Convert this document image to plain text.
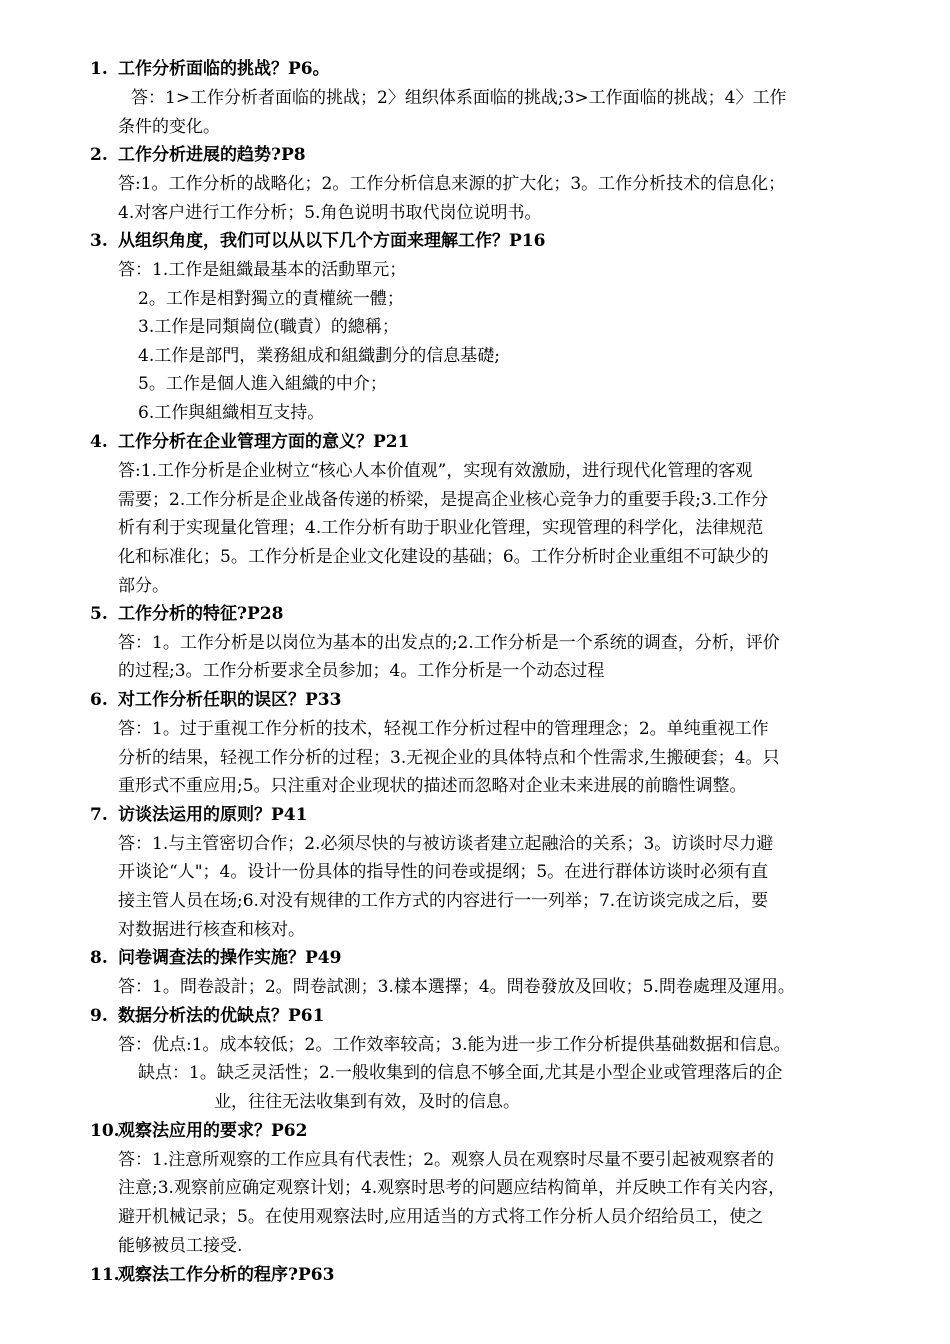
1. 工作分析面临的挑战？P6。
答：1>工作分析者面临的挑战；2〉组织体系面临的挑战;3>工作面临的挑战；4〉工作
条件的变化。
2. 工作分析进展的趋势?P8
答:1。工作分析的战略化；2。工作分析信息来源的扩大化；3。工作分析技术的信息化；
4.对客户进行工作分析；5.角色说明书取代岗位说明书。
3. 从组织角度，我们可以从以下几个方面来理解工作？P16
答：1.工作是組織最基本的活動單元；
2。工作是相對獨立的責權統一體；
3.工作是同類崗位(職責）的總稱；
4.工作是部門，業務組成和組織劃分的信息基礎;
5。工作是個人進入組織的中介；
6.工作與組織相互支持。
4. 工作分析在企业管理方面的意义？P21
答:1.工作分析是企业树立“核心人本价值观”，实现有效激励，进行现代化管理的客观
需要；2.工作分析是企业战备传递的桥梁，是提高企业核心竞争力的重要手段;3.工作分
析有利于实现量化管理；4.工作分析有助于职业化管理，实现管理的科学化，法律规范
化和标准化；5。工作分析是企业文化建设的基础；6。工作分析时企业重组不可缺少的
部分。
5. 工作分析的特征?P28
答：1。工作分析是以岗位为基本的出发点的;2.工作分析是一个系统的调查，分析，评价
的过程;3。工作分析要求全员参加；4。工作分析是一个动态过程
6. 对工作分析任职的误区？P33
答：1。过于重视工作分析的技术，轻视工作分析过程中的管理理念；2。单纯重视工作
分析的结果，轻视工作分析的过程；3.无视企业的具体特点和个性需求,生搬硬套；4。只
重形式不重应用;5。只注重对企业现状的描述而忽略对企业未来进展的前瞻性调整。
7. 访谈法运用的原则？P41
答：1.与主管密切合作；2.必须尽快的与被访谈者建立起融洽的关系；3。访谈时尽力避
开谈论“人"；4。设计一份具体的指导性的问卷或提纲；5。在进行群体访谈时必须有直
接主管人员在场;6.对没有规律的工作方式的内容进行一一列举；7.在访谈完成之后，要
对数据进行核查和核对。
8. 问卷调查法的操作实施？P49
答：1。問卷設計；2。問卷試測；3.樣本選擇；4。問卷發放及回收；5.問卷處理及運用。
9. 数据分析法的优缺点？P61
答：优点:1。成本较低；2。工作效率较高；3.能为进一步工作分析提供基础数据和信息。
缺点：1。缺乏灵活性；2.一般收集到的信息不够全面,尤其是小型企业或管理落后的企
业，往往无法收集到有效，及时的信息。
10.观察法应用的要求？P62
答：1.注意所观察的工作应具有代表性；2。观察人员在观察时尽量不要引起被观察者的
注意;3.观察前应确定观察计划；4.观察时思考的问题应结构简单，并反映工作有关内容，
避开机械记录；5。在使用观察法时,应用适当的方式将工作分析人员介绍给员工，使之
能够被员工接受.
11.观察法工作分析的程序?P63
